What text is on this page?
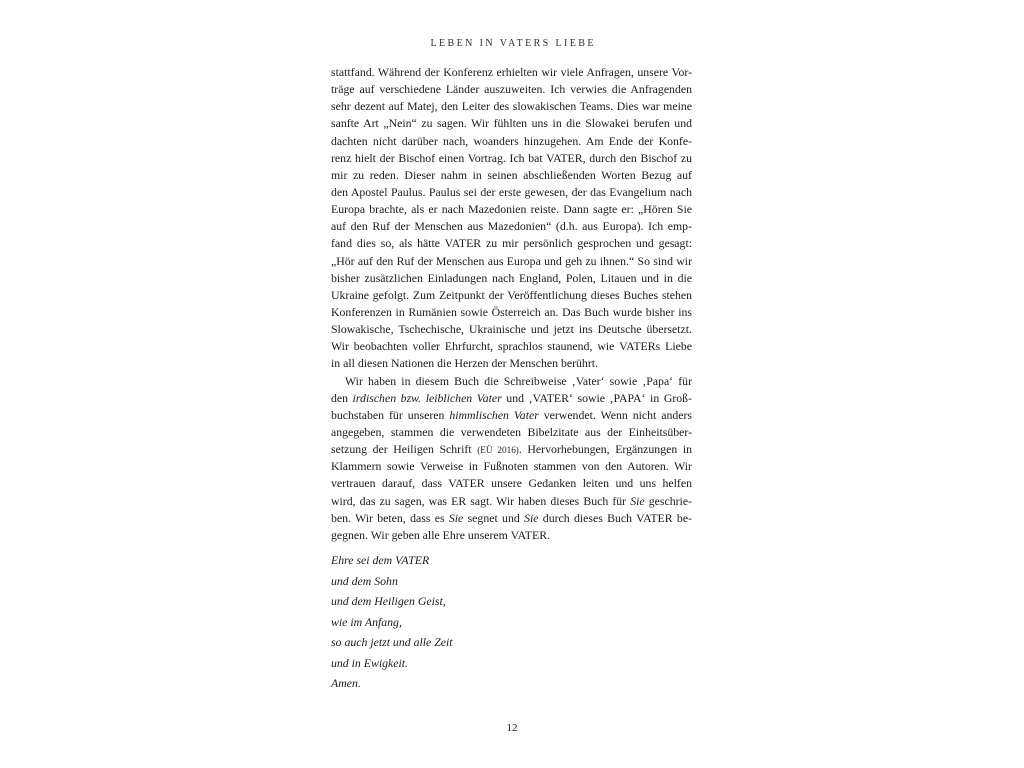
LEBEN IN VATERS LIEBE
stattfand. Während der Konferenz erhielten wir viele Anfragen, unsere Vor-
träge auf verschiedene Länder auszuweiten. Ich verwies die Anfragenden
sehr dezent auf Matej, den Leiter des slowakischen Teams. Dies war meine
sanfte Art „Nein“ zu sagen. Wir fühlten uns in die Slowakei berufen und
dachten nicht darüber nach, woanders hinzugehen. Am Ende der Konfe-
renz hielt der Bischof einen Vortrag. Ich bat VATER, durch den Bischof zu
mir zu reden. Dieser nahm in seinen abschließenden Worten Bezug auf
den Apostel Paulus. Paulus sei der erste gewesen, der das Evangelium nach
Europa brachte, als er nach Mazedonien reiste. Dann sagte er: „Hören Sie
auf den Ruf der Menschen aus Mazedonien“ (d.h. aus Europa). Ich emp-
fand dies so, als hätte VATER zu mir persönlich gesprochen und gesagt:
„Hör auf den Ruf der Menschen aus Europa und geh zu ihnen.“ So sind wir
bisher zusätzlichen Einladungen nach England, Polen, Litauen und in die
Ukraine gefolgt. Zum Zeitpunkt der Veröffentlichung dieses Buches stehen
Konferenzen in Rumänien sowie Österreich an. Das Buch wurde bisher ins
Slowakische, Tschechische, Ukrainische und jetzt ins Deutsche übersetzt.
Wir beobachten voller Ehrfurcht, sprachlos staunend, wie VATERs Liebe
in all diesen Nationen die Herzen der Menschen berührt.
Wir haben in diesem Buch die Schreibweise ‚Vater‘ sowie ‚Papa‘ für
den irdischen bzw. leiblichen Vater und ‚VATER‘ sowie ‚PAPA‘ in Groß-
buchstaben für unseren himmlischen Vater verwendet. Wenn nicht anders
angegeben, stammen die verwendeten Bibelzitate aus der Einheitsüber-
setzung der Heiligen Schrift (EÜ 2016). Hervorhebungen, Ergänzungen in
Klammern sowie Verweise in Fußnoten stammen von den Autoren. Wir
vertrauen darauf, dass VATER unsere Gedanken leiten und uns helfen
wird, das zu sagen, was ER sagt. Wir haben dieses Buch für Sie geschrie-
ben. Wir beten, dass es Sie segnet und Sie durch dieses Buch VATER be-
gegnen. Wir geben alle Ehre unserem VATER.
Ehre sei dem VATER
und dem Sohn
und dem Heiligen Geist,
wie im Anfang,
so auch jetzt und alle Zeit
und in Ewigkeit.
Amen.
12
